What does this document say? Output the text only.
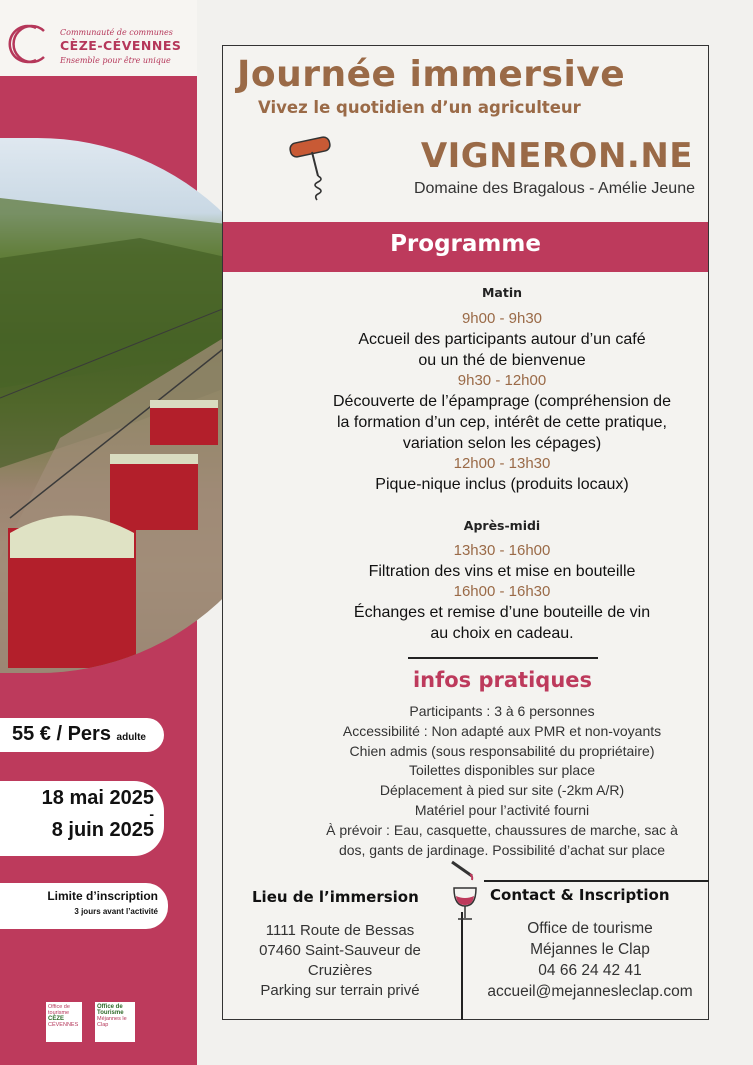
Communauté de communes
CÈZE-CÉVENNES
Ensemble pour être unique
55 € / Pers adulte
18 mai 2025
-
8 juin 2025
Limite d’inscription
3 jours avant l’activité
Office de tourisme
CÈZE
CÉVENNES
Office de
Tourisme
Méjannes le Clap
Journée immersive
Vivez le quotidien d’un agriculteur
VIGNERON.NE
Domaine des Bragalous - Amélie Jeune
Programme
Matin
9h00 - 9h30
Accueil des participants autour d’un café
ou un thé de bienvenue
9h30 - 12h00
Découverte de l’épamprage (compréhension de
la formation d’un cep, intérêt de cette pratique,
variation selon les cépages)
12h00 - 13h30
Pique-nique inclus (produits locaux)
Après-midi
13h30 - 16h00
Filtration des vins et mise en bouteille
16h00 - 16h30
Échanges et remise d’une bouteille de vin
au choix en cadeau.
infos pratiques
Participants : 3 à 6 personnes
Accessibilité : Non adapté aux PMR et non-voyants
Chien admis (sous responsabilité du propriétaire)
Toilettes disponibles sur place
Déplacement à pied sur site (-2km A/R)
Matériel pour l’activité fourni
À prévoir : Eau, casquette, chaussures de marche, sac à
dos, gants de jardinage. Possibilité d’achat sur place
Lieu de l’immersion
1111 Route de Bessas
07460 Saint-Sauveur de
Cruzières
Parking sur terrain privé
Contact & Inscription
Office de tourisme
Méjannes le Clap
04 66 24 42 41
accueil@mejannesleclap.com
